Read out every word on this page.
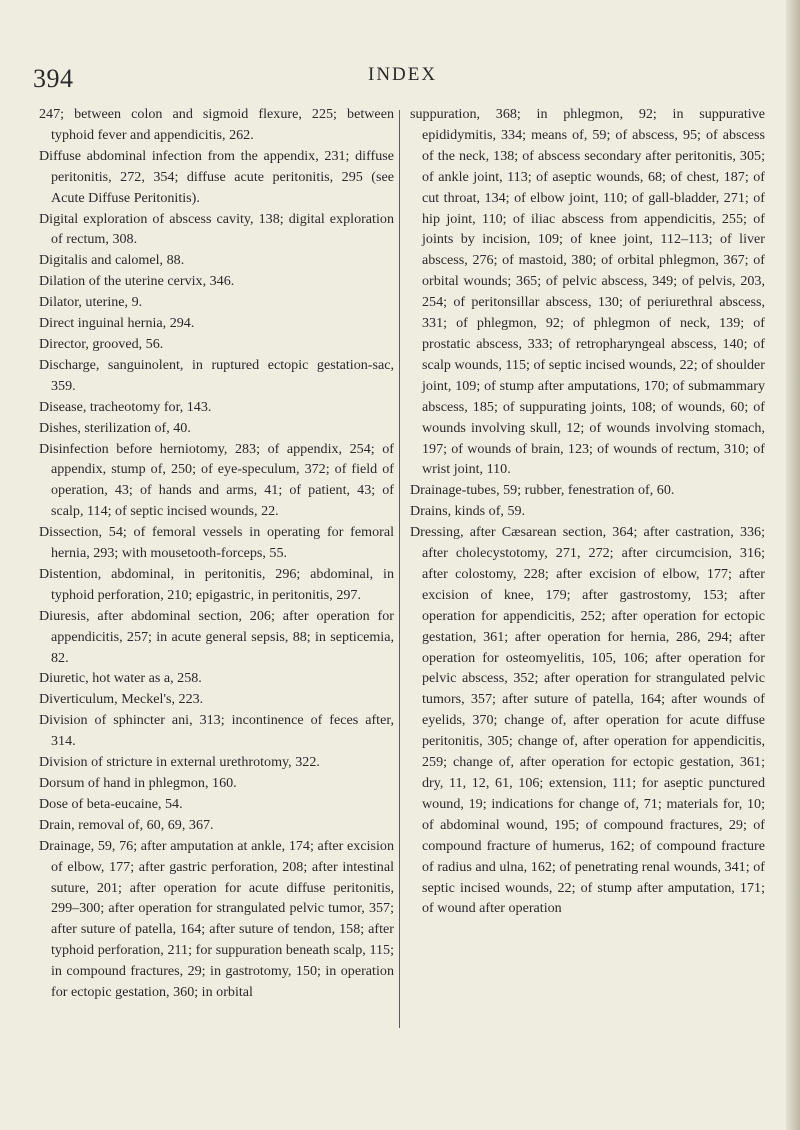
394	INDEX

247; between colon and sigmoid flexure, 225; between typhoid fever and appendicitis, 262.

Diffuse abdominal infection from the appendix, 231; diffuse peritonitis, 272, 354; diffuse acute peritonitis, 295 (see Acute Diffuse Peritonitis).

Digital exploration of abscess cavity, 138; digital exploration of rectum, 308.

Digitalis and calomel, 88.

Dilation of the uterine cervix, 346.

Dilator, uterine, 9.

Direct inguinal hernia, 294.

Director, grooved, 56.

Discharge, sanguinolent, in ruptured ectopic gestation-sac, 359.

Disease, tracheotomy for, 143.

Dishes, sterilization of, 40.

Disinfection before herniotomy, 283; of appendix, 254; of appendix, stump of, 250; of eye-speculum, 372; of field of operation, 43; of hands and arms, 41; of patient, 43; of scalp, 114; of septic incised wounds, 22.

Dissection, 54; of femoral vessels in operating for femoral hernia, 293; with mousetooth-forceps, 55.

Distention, abdominal, in peritonitis, 296; abdominal, in typhoid perforation, 210; epigastric, in peritonitis, 297.

Diuresis, after abdominal section, 206; after operation for appendicitis, 257; in acute general sepsis, 88; in septicemia, 82.

Diuretic, hot water as a, 258.

Diverticulum, Meckel's, 223.

Division of sphincter ani, 313; incontinence of feces after, 314.

Division of stricture in external urethrotomy, 322.

Dorsum of hand in phlegmon, 160.

Dose of beta-eucaine, 54.

Drain, removal of, 60, 69, 367.

Drainage, 59, 76; after amputation at ankle, 174; after excision of elbow, 177; after gastric perforation, 208; after intestinal suture, 201; after operation for acute diffuse peritonitis, 299–300; after operation for strangulated pelvic tumor, 357; after suture of patella, 164; after suture of tendon, 158; after typhoid perforation, 211; for suppuration beneath scalp, 115; in compound fractures, 29; in gastrotomy, 150; in operation for ectopic gestation, 360; in orbital

suppuration, 368; in phlegmon, 92; in suppurative epididymitis, 334; means of, 59; of abscess, 95; of abscess of the neck, 138; of abscess secondary after peritonitis, 305; of ankle joint, 113; of aseptic wounds, 68; of chest, 187; of cut throat, 134; of elbow joint, 110; of gall-bladder, 271; of hip joint, 110; of iliac abscess from appendicitis, 255; of joints by incision, 109; of knee joint, 112–113; of liver abscess, 276; of mastoid, 380; of orbital phlegmon, 367; of orbital wounds; 365; of pelvic abscess, 349; of pelvis, 203, 254; of peritonsillar abscess, 130; of periurethral abscess, 331; of phlegmon, 92; of phlegmon of neck, 139; of prostatic abscess, 333; of retropharyngeal abscess, 140; of scalp wounds, 115; of septic incised wounds, 22; of shoulder joint, 109; of stump after amputations, 170; of submammary abscess, 185; of suppurating joints, 108; of wounds, 60; of wounds involving skull, 12; of wounds involving stomach, 197; of wounds of brain, 123; of wounds of rectum, 310; of wrist joint, 110.

Drainage-tubes, 59; rubber, fenestration of, 60.

Drains, kinds of, 59.

Dressing, after Cæsarean section, 364; after castration, 336; after cholecystotomy, 271, 272; after circumcision, 316; after colostomy, 228; after excision of elbow, 177; after excision of knee, 179; after gastrostomy, 153; after operation for appendicitis, 252; after operation for ectopic gestation, 361; after operation for hernia, 286, 294; after operation for osteomyelitis, 105, 106; after operation for pelvic abscess, 352; after operation for strangulated pelvic tumors, 357; after suture of patella, 164; after wounds of eyelids, 370; change of, after operation for acute diffuse peritonitis, 305; change of, after operation for appendicitis, 259; change of, after operation for ectopic gestation, 361; dry, 11, 12, 61, 106; extension, 111; for aseptic punctured wound, 19; indications for change of, 71; materials for, 10; of abdominal wound, 195; of compound fractures, 29; of compound fracture of humerus, 162; of compound fracture of radius and ulna, 162; of penetrating renal wounds, 341; of septic incised wounds, 22; of stump after amputation, 171; of wound after operation
